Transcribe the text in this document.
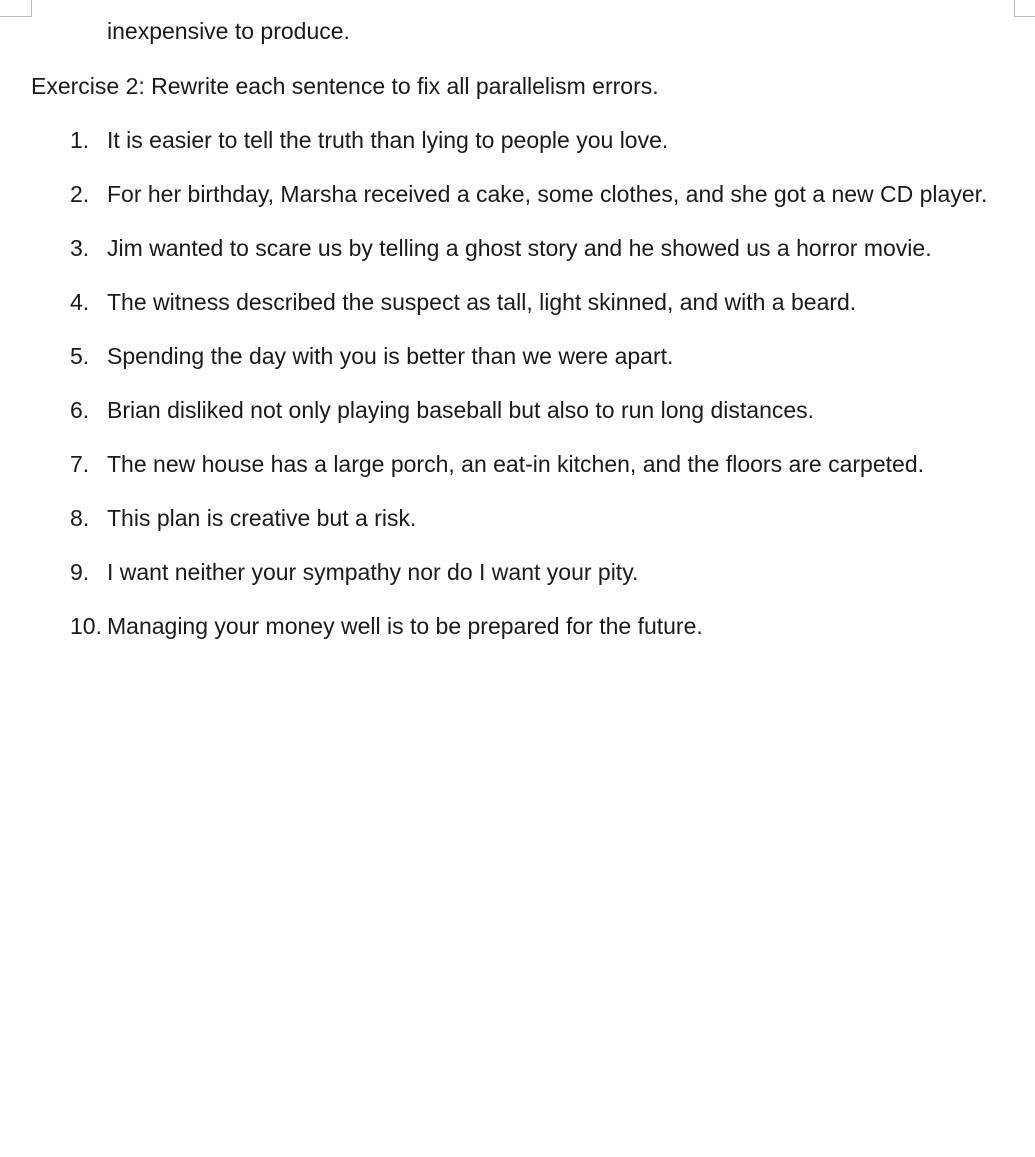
inexpensive to produce.

Exercise 2: Rewrite each sentence to fix all parallelism errors.
1. It is easier to tell the truth than lying to people you love.
2. For her birthday, Marsha received a cake, some clothes, and she got a new CD player.
3. Jim wanted to scare us by telling a ghost story and he showed us a horror movie.
4. The witness described the suspect as tall, light skinned, and with a beard.
5. Spending the day with you is better than we were apart.
6. Brian disliked not only playing baseball but also to run long distances.
7. The new house has a large porch, an eat-in kitchen, and the floors are carpeted.
8. This plan is creative but a risk.
9. I want neither your sympathy nor do I want your pity.
10. Managing your money well is to be prepared for the future.
